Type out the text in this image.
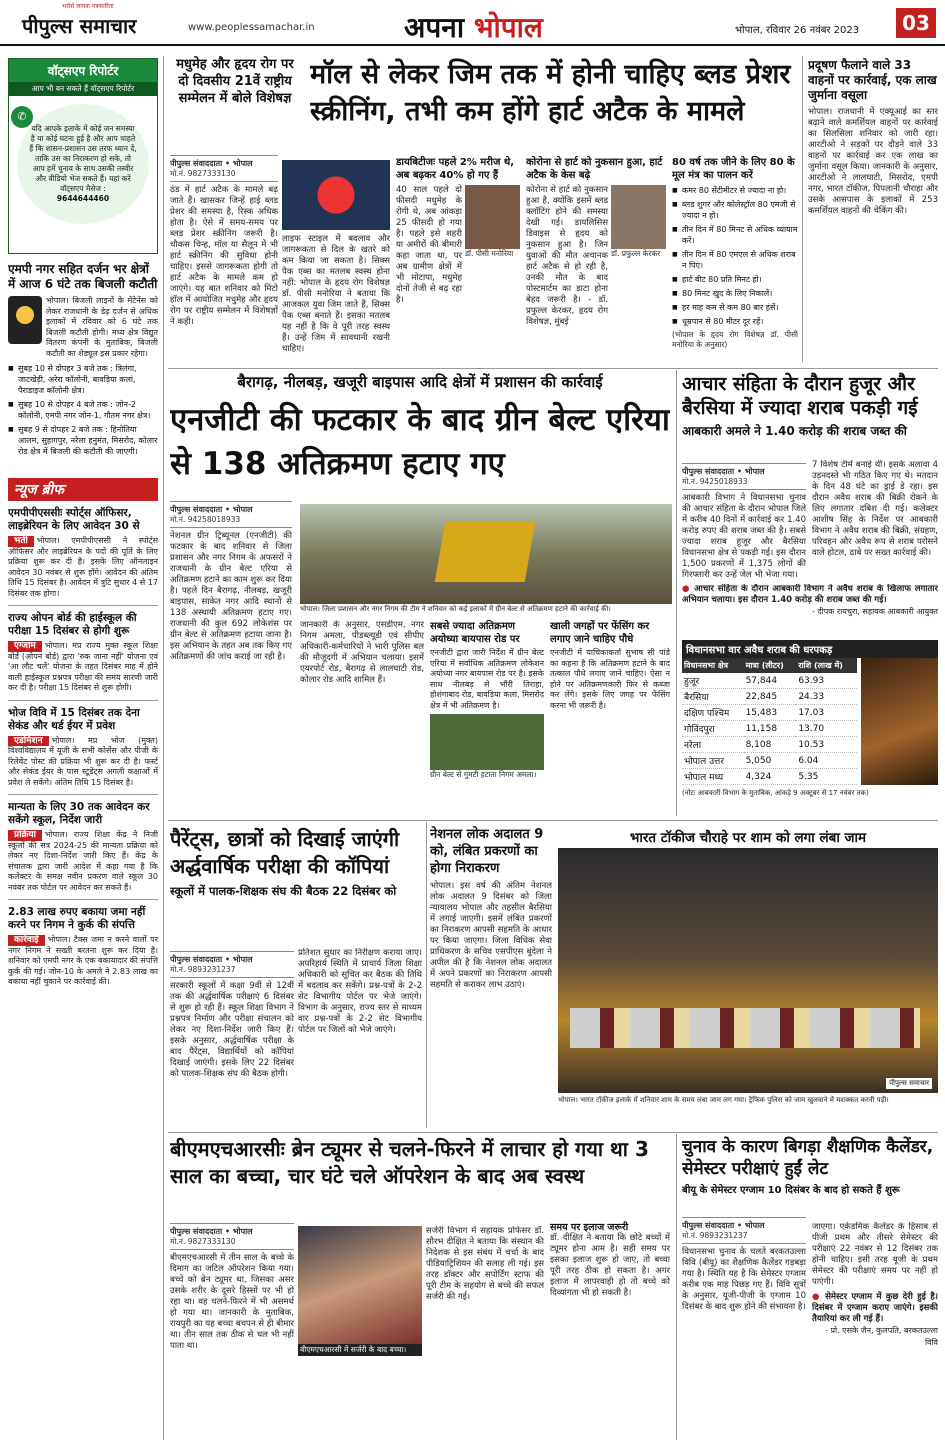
भरोसे लायक पत्रकारिता
पीपुल्स समाचार	www.peoplessamachar.in	अपना भोपाल	भोपाल, रविवार 26 नवंबर 2023	03
वॉट्सएप रिपोर्टर
आप भी बन सकते हैं वॉट्सएप रिपोर्टर
✆
यदि आपके इलाके में कोई जन समस्या है या कोई घटना हुई है और आप चाहते हैं कि शासन-प्रशासन उस तरफ ध्यान दें, ताकि उस का निराकरण हो सके, तो आप हमें चुनाव के साथ उसकी तस्वीर और वीडियो भेज सकते हैं। यहां करें वॉट्सएप मैसेज :
9644644460
एमपी नगर सहित दर्जन भर क्षेत्रों में आज 6 घंटे तक बिजली कटौती
भोपाल। बिजली लाइनों के मेंटेनेंस को लेकर राजधानी के डेढ़ दर्जन से अधिक इलाकों में रविवार को 6 घंटे तक बिजली कटौती होगी। मध्य क्षेत्र विद्युत वितरण कंपनी के मुताबिक, बिजली कटौती का शेड्यूल इस प्रकार रहेगा।
■ सुबह 10 से दोपहर 3 बजे तक : त्रिलंगा, जाटखेड़ी, अरेरा कॉलोनी, बावड़िया कलां, पैराडाइज कॉलोनी क्षेत्र।
■ सुबह 10 से दोपहर 4 बजे तक : जोन-2 कॉलोनी, एमपी नगर जोन-1, गौतम नगर क्षेत्र।
■ सुबह 9 से दोपहर 2 बजे तक : हिनोतिया आलम, सुहागपुर, नरेला हनुमंत, मिसरोद, कोलार रोड क्षेत्र में बिजली की कटौती की जाएगी।
न्यूज ब्रीफ
एमपीपीएससीः स्पोर्ट्स ऑफिसर, लाइब्रेरियन के लिए आवेदन 30 से
भर्ती भोपाल। एमपीपीएससी ने स्पोर्ट्स ऑफिसर और लाइब्रेरियन के पदों की पूर्ति के लिए प्रक्रिया शुरू कर दी है। इसके लिए ऑनलाइन आवेदन 30 नवंबर से शुरू होंगे। आवेदन की अंतिम तिथि 15 दिसंबर है। आवेदन में त्रुटि सुधार 4 से 17 दिसंबर तक होगा।
राज्य ओपन बोर्ड की हाईस्कूल की परीक्षा 15 दिसंबर से होगी शुरू
एग्जाम भोपाल। मप्र राज्य मुक्त स्कूल शिक्षा बोर्ड (ओपन बोर्ड) द्वारा 'रुक जाना नहीं' योजना एवं 'आ लौट चलें' योजना के तहत दिसंबर माह में होने वाली हाईस्कूल प्रश्नपत्र परीक्षा की समय सारणी जारी कर दी है। परीक्षा 15 दिसंबर से शुरू होगी।
भोज विवि में 15 दिसंबर तक देना सेकंड और थर्ड ईयर में प्रवेश
एडमिशन भोपाल। मप्र भोज (मुक्त) विश्वविद्यालय में यूजी के सभी कोर्सेस और पीजी के रिलेवेंट पोस्ट की प्रक्रिया भी शुरू कर दी है। फर्स्ट और सेकंड ईयर के पास स्टूडेंट्स अगली कक्षाओं में प्रवेश ले सकेंगे। अंतिम तिथि 15 दिसंबर है।
मान्यता के लिए 30 तक आवेदन कर सकेंगे स्कूल, निर्देश जारी
प्रक्रिया भोपाल। राज्य शिक्षा केंद्र ने निजी स्कूलों की सत्र 2024-25 की मान्यता प्रक्रिया को लेकर नए दिशा-निर्देश जारी किए हैं। केंद्र के संचालक द्वारा जारी आदेश में कहा गया है कि कलेक्टर के समक्ष नवीन प्रकरण वाले स्कूल 30 नवंबर तक पोर्टल पर आवेदन कर सकते हैं।
2.83 लाख रुपए बकाया जमा नहीं करने पर निगम ने कुर्क की संपत्ति
कार्रवाई भोपाल। टैक्स जमा न करने वालों पर नगर निगम ने सख्ती बरतना शुरू कर दिया है। शनिवार को एमपी नगर के एक बकायादार की संपत्ति कुर्क की गई। जोन-10 के अमले ने 2.83 लाख का बकाया नहीं चुकाने पर कार्रवाई की।
मधुमेह और हृदय रोग पर दो दिवसीय 21वें राष्ट्रीय सम्मेलन में बोले विशेषज्ञ
मॉल से लेकर जिम तक में होनी चाहिए ब्लड प्रेशर स्क्रीनिंग, तभी कम होंगे हार्ट अटैक के मामले
पीपुल्स संवाददाता • भोपाल
मो.नं. 9827333130
ठंड में हार्ट अटैक के मामले बढ़ जाते हैं। खासकर जिन्हें हाई ब्लड प्रेशर की समस्या है, रिस्क अधिक होता है। ऐसे में समय-समय पर ब्लड प्रेशर स्क्रीनिंग जरूरी है। चौकस चिन्ह, मॉल या सैलून में भी हार्ट स्क्रीनिंग की सुविधा होनी चाहिए। इससे जागरूकता होगी तो हार्ट अटैक के मामले कम हो जाएंगे। यह बात शनिवार को मिंटो हॉल में आयोजित मधुमेह और हृदय रोग पर राष्ट्रीय सम्मेलन में विशेषज्ञों ने कही।
लाइफ स्टाइल में बदलाव और जागरूकता से दिल के खतरे को कम किया जा सकता है। सिक्स पैक एब्स का मतलब स्वस्थ होना नहीं: भोपाल के हृदय रोग विशेषज्ञ डॉ. पीसी मनोरिया ने बताया कि आजकल युवा जिम जाते हैं, सिक्स पैक एब्स बनाते हैं। इसका मतलब यह नहीं है कि वे पूरी तरह स्वस्थ हैं। उन्हें जिम में सावधानी रखनी चाहिए।
डायबिटीजः पहले 2% मरीज थे, अब बढ़कर 40% हो गए हैं
40 साल पहले दो फीसदी मधुमेह के रोगी थे, अब आंकड़ा 25 फीसदी हो गया है। पहले इसे शहरी या अमीरों की बीमारी कहा जाता था, पर अब ग्रामीण क्षेत्रों में भी मोटापा, मधुमेह दोनों तेजी से बढ़ रहा है।
डॉ. पीसी मनोरिया
कोरोना से हार्ट को नुकसान हुआ, हार्ट अटैक के केस बढ़े
कोरोना से हार्ट को नुकसान हुआ है, क्योंकि इसमें ब्लड क्लॉटिंग होने की समस्या देखी गई। डायलिसिस डिवाइस से हृदय को नुकसान हुआ है। जिन युवाओं की मौत अचानक हार्ट अटैक से हो रही है, उनकी मौत के बाद पोस्टमार्टम का डाटा होना बेहद जरूरी है। - डॉ. प्रफुल्ल केरकर, हृदय रोग विशेषज्ञ, मुंबई
डॉ. प्रफुल्ल केरकर
80 वर्ष तक जीने के लिए 80 के मूल मंत्र का पालन करें
■ कमर 80 सेंटीमीटर से ज्यादा ना हो।
■ ब्लड शुगर और कोलेस्ट्रॉल 80 एमजी से ज्यादा न हो।
■ तीन दिन में 80 मिनट से अधिक व्यायाम करें।
■ तीन दिन में 80 एमएल से अधिक शराब न पिएं।
■ हार्ट बीट 80 प्रति मिनट हो।
■ 80 मिनट खुद के लिए निकालें।
■ हर माह कम से कम 80 बार हंसें।
■ धूम्रपान से 80 मीटर दूर रहें।
(भोपाल के हृदय रोग विशेषज्ञ डॉ. पीसी मनोरिया के अनुसार)
प्रदूषण फैलाने वाले 33 वाहनों पर कार्रवाई, एक लाख जुर्माना वसूला
भोपाल। राजधानी में एक्यूआई का स्तर बढ़ाने वाले कमर्शियल वाहनों पर कार्रवाई का सिलसिला शनिवार को जारी रहा। आरटीओ ने सड़कों पर दौड़ने वाले 33 वाहनों पर कार्रवाई कर एक लाख का जुर्माना वसूल किया। जानकारी के अनुसार, आरटीओ ने लालघाटी, मिसरोद, एमपी नगर, भारत टॉकीज, पिपलानी चौराहा और उसके आसपास के इलाकों में 253 कमर्शियल वाहनों की चेकिंग की।
बैरागढ़, नीलबड़, खजूरी बाइपास आदि क्षेत्रों में प्रशासन की कार्रवाई
एनजीटी की फटकार के बाद ग्रीन बेल्ट एरिया से 138 अतिक्रमण हटाए गए
पीपुल्स संवाददाता • भोपाल
मो.नं. 94258018933
नेशनल ग्रीन ट्रिब्यूनल (एनजीटी) की फटकार के बाद शनिवार से जिला प्रशासन और नगर निगम के अफसरों ने राजधानी के ग्रीन बेल्ट एरिया से अतिक्रमण हटाने का काम शुरू कर दिया है। पहले दिन बैरागढ़, नीलबड़, खजूरी बाइपास, साकेत नगर आदि स्थानों से 138 अस्थायी अतिक्रमण हटाए गए। राजधानी की कुल 692 लोकेशंस पर ग्रीन बेल्ट से अतिक्रमण हटाया जाना है। इस अभियान के तहत अब तक किए गए अतिक्रमणों की जांच कराई जा रही है।
भोपाल। जिला प्रशासन और नगर निगम की टीम ने शनिवार को कई इलाकों में ग्रीन बेल्ट से अतिक्रमण हटाने की कार्रवाई की।
जानकारी के अनुसार, एसडीएम, नगर निगम अमला, पीडब्ल्यूडी एवं सीपीए अधिकारी-कर्मचारियों ने भारी पुलिस बल की मौजूदगी में अभियान चलाया। इसमें एयरपोर्ट रोड, बैरागढ़ से लालघाटी रोड, कोलार रोड आदि शामिल हैं।
सबसे ज्यादा अतिक्रमण अयोध्या बायपास रोड पर
एनजीटी द्वारा जारी निर्देश में ग्रीन बेल्ट एरिया में सर्वाधिक अतिक्रमण लोकेशन अयोध्या नगर बायपास रोड पर है। इसके साथ नीलबड़ से भौंरी तिराहा, होशंगाबाद रोड, बावड़िया कलां, मिसरोद क्षेत्र में भी अतिक्रमण है।
ग्रीन बेल्ट से गुमटी हटाता निगम अमला।
खाली जगहों पर फेंसिंग कर लगाए जाने चाहिए पौधे
एनजीटी में याचिकाकर्ता सुभाष सी पांडे का कहना है कि अतिक्रमण हटाने के बाद तत्काल पौधे लगाए जाने चाहिए। ऐसा न होने पर अतिक्रमणकारी फिर से कब्जा कर लेंगे। इसके लिए जगह पर फेंसिंग करना भी जरूरी है।
आचार संहिता के दौरान हुजूर और बैरसिया में ज्यादा शराब पकड़ी गई
आबकारी अमले ने 1.40 करोड़ की शराब जब्त की
पीपुल्स संवाददाता • भोपाल
मो.नं. 9425018933
आबकारी विभाग ने विधानसभा चुनाव की आचार संहिता के दौरान भोपाल जिले में करीब 40 दिनों में कार्रवाई कर 1.40 करोड़ रुपए की शराब जब्त की है। सबसे ज्यादा शराब हुजूर और बैरसिया विधानसभा क्षेत्र से पकड़ी गई। इस दौरान 1,500 प्रकरणों में 1,375 लोगों की गिरफ्तारी कर उन्हें जेल भी भेजा गया।
7 विशेष टीमें बनाई थीं। इसके अलावा 4 उड़नदस्ते भी गठित किए गए थे। मतदान के दिन 48 घंटे का ड्राई डे रहा। इस दौरान अवैध शराब की बिक्री रोकने के लिए लगातार दबिश दी गई। कलेक्टर आशीष सिंह के निर्देश पर आबकारी विभाग ने अवैध शराब की बिक्री, संग्रहण, परिवहन और अवैध रूप से शराब परोसने वाले होटल, ढाबे पर सख्त कार्रवाई की।
● आचार संहिता के दौरान आबकारी विभाग ने अवैध शराब के खिलाफ लगातार अभियान चलाया। इस दौरान 1.40 करोड़ की शराब जब्त की गई।
- दीपक रायचुरा, सहायक आबकारी आयुक्त
विधानसभा वार अवैध शराब की धरपकड़
विधानसभा क्षेत्र	मात्रा (लीटर)	राशि (लाख में)
हुजूर	57,844	63.93
बैरसिया	22,845	24.33
दक्षिण पश्चिम	15,483	17.03
गोविंदपुरा	11,158	13.70
नरेला	8,108	10.53
भोपाल उत्तर	5,050	6.04
भोपाल मध्य	4,324	5.35
(नोटः आबकारी विभाग के मुताबिक, आंकड़े 9 अक्टूबर से 17 नवंबर तक)
पैरेंट्स, छात्रों को दिखाई जाएंगी अर्द्धवार्षिक परीक्षा की कॉपियां
स्कूलों में पालक-शिक्षक संघ की बैठक 22 दिसंबर को
पीपुल्स संवाददाता • भोपाल
मो.नं. 9893231237
सरकारी स्कूलों में कक्षा 9वीं से 12वीं तक की अर्द्धवार्षिक परीक्षाएं 6 दिसंबर से शुरू हो रही हैं। स्कूल शिक्षा विभाग ने प्रश्नपत्र निर्माण और परीक्षा संचालन को लेकर नए दिशा-निर्देश जारी किए हैं। इसके अनुसार, अर्द्धवार्षिक परीक्षा के बाद पैरेंट्स, विद्यार्थियों को कॉपियां दिखाई जाएंगी। इसके लिए 22 दिसंबर को पालक-शिक्षक संघ की बैठक होगी।
प्रतिशत सुधार का निरीक्षण कराया जाए। अपरिहार्य स्थिति में प्राचार्य जिला शिक्षा अधिकारी को सूचित कर बैठक की तिथि में बदलाव कर सकेंगे। प्रश्न-पत्रों के 2-2 सेट विभागीय पोर्टल पर भेजे जाएंगे। विभाग के अनुसार, राज्य स्तर से माध्यम वार प्रश्न-पत्रों के 2-2 सेट विभागीय पोर्टल पर जिलों को भेजे जाएंगे।
नेशनल लोक अदालत 9 को, लंबित प्रकरणों का होगा निराकरण
भोपाल। इस वर्ष की अंतिम नेशनल लोक अदालत 9 दिसंबर को जिला न्यायालय भोपाल और तहसील बैरसिया में लगाई जाएगी। इसमें लंबित प्रकरणों का निराकरण आपसी सहमति के आधार पर किया जाएगा। जिला विधिक सेवा प्राधिकरण के सचिव एसपीएस बुंदेला ने अपील की है कि नेशनल लोक अदालत में अपने प्रकरणों का निराकरण आपसी सहमति से कराकर लाभ उठाएं।
भारत टॉकीज चौराहे पर शाम को लगा लंबा जाम
पीपुल्स समाचार
भोपाल। भारत टॉकीज इलाके में शनिवार शाम के समय लंबा जाम लग गया। ट्रैफिक पुलिस को जाम खुलवाने में मशक्कत करनी पड़ी।
बीएमएचआरसीः ब्रेन ट्यूमर से चलने-फिरने में लाचार हो गया था 3 साल का बच्चा, चार घंटे चले ऑपरेशन के बाद अब स्वस्थ
पीपुल्स संवाददाता • भोपाल
मो.नं. 9827333130
बीएमएचआरसी में तीन साल के बच्चे के दिमाग का जटिल ऑपरेशन किया गया। बच्चे को ब्रेन ट्यूमर था, जिसका असर उसके शरीर के दूसरे हिस्सों पर भी हो रहा था। वह चलने-फिरने में भी असमर्थ हो गया था। जानकारी के मुताबिक, रायपुरी का यह बच्चा बचपन से ही बीमार था। तीन साल तक ठीक से चल भी नहीं पाता था।	बीएमएचआरसी में सर्जरी के बाद बच्चा।
सर्जरी विभाग में सहायक प्रोफेसर डॉ. सौरभ दीक्षित ने बताया कि संस्थान की निदेशक से इस संबंध में चर्चा के बाद पीडियाट्रिशियन की सलाह ली गई। इस तरह डॉक्टर और सपोर्टिंग स्टाफ की पूरी टीम के सहयोग से बच्चे की सफल सर्जरी की गई।
समय पर इलाज जरूरी
डॉ. दीक्षित ने बताया कि छोटे बच्चों में ट्यूमर होना आम है। सही समय पर इसका इलाज शुरू हो जाए, तो बच्चा पूरी तरह ठीक हो सकता है। अगर इलाज में लापरवाही हो तो बच्चे को दिव्यांगता भी हो सकती है।
चुनाव के कारण बिगड़ा शैक्षणिक कैलेंडर, सेमेस्टर परीक्षाएं हुईं लेट
बीयू के सेमेस्टर एग्जाम 10 दिसंबर के बाद हो सकते हैं शुरू
पीपुल्स संवाददाता • भोपाल
मो.नं. 9893231237
विधानसभा चुनाव के चलते बरकतउल्ला विवि (बीयू) का शैक्षणिक कैलेंडर गड़बड़ा गया है। स्थिति यह है कि सेमेस्टर एग्जाम करीब एक माह पिछड़ गए हैं। विवि सूत्रों के अनुसार, यूजी-पीजी के एग्जाम 10 दिसंबर के बाद शुरू होने की संभावना है।
जाएगा। एकेडमिक कैलेंडर के हिसाब से पीजी प्रथम और तीसरे सेमेस्टर की परीक्षाएं 22 नवंबर से 12 दिसंबर तक होनी चाहिए। इसी तरह यूजी के प्रथम सेमेस्टर की परीक्षाएं समय पर नहीं हो पाएंगी।
● सेमेस्टर एग्जाम में कुछ देरी हुई है। दिसंबर में एग्जाम कराए जाएंगे। इसकी तैयारियां कर ली गई हैं।
- प्रो. एसके जैन, कुलपति, बरकतउल्ला विवि
